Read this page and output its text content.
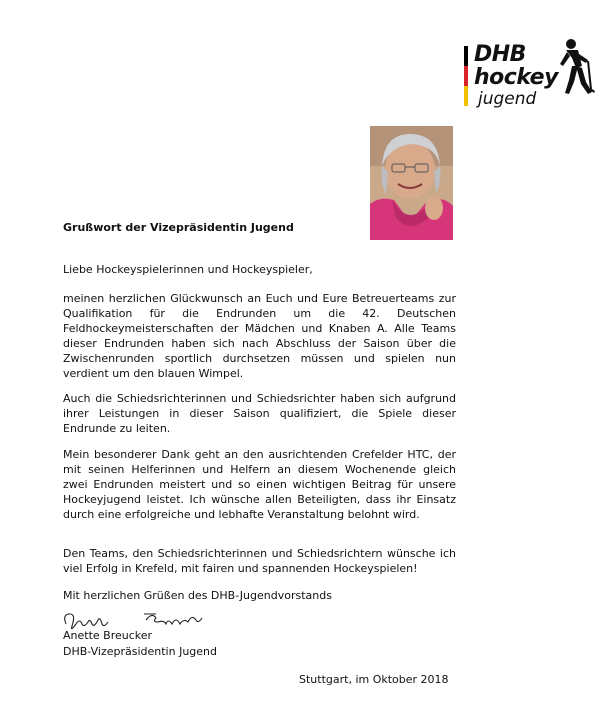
DHB
hockey
jugend
Grußwort der Vizepräsidentin Jugend

Liebe Hockeyspielerinnen und Hockeyspieler,

meinen herzlichen Glückwunsch an Euch und Eure Betreuerteams zur Qualifikation für die Endrunden um die 42. Deutschen Feldhockeymeisterschaften der Mädchen und Knaben A. Alle Teams dieser Endrunden haben sich nach Abschluss der Saison über die Zwischenrunden sportlich durchsetzen müssen und spielen nun verdient um den blauen Wimpel.

Auch die Schiedsrichterinnen und Schiedsrichter haben sich aufgrund ihrer Leistungen in dieser Saison qualifiziert, die Spiele dieser Endrunde zu leiten.

Mein besonderer Dank geht an den ausrichtenden Crefelder HTC, der mit seinen Helferinnen und Helfern an diesem Wochenende gleich zwei Endrunden meistert und so einen wichtigen Beitrag für unsere Hockeyjugend leistet. Ich wünsche allen Beteiligten, dass ihr Einsatz durch eine erfolgreiche und lebhafte Veranstaltung belohnt wird.

Den Teams, den Schiedsrichterinnen und Schiedsrichtern wünsche ich viel Erfolg in Krefeld, mit fairen und spannenden Hockeyspielen!

Mit herzlichen Grüßen des DHB-Jugendvorstands

Anette Breucker
DHB-Vizepräsidentin Jugend
Stuttgart, im Oktober 2018
